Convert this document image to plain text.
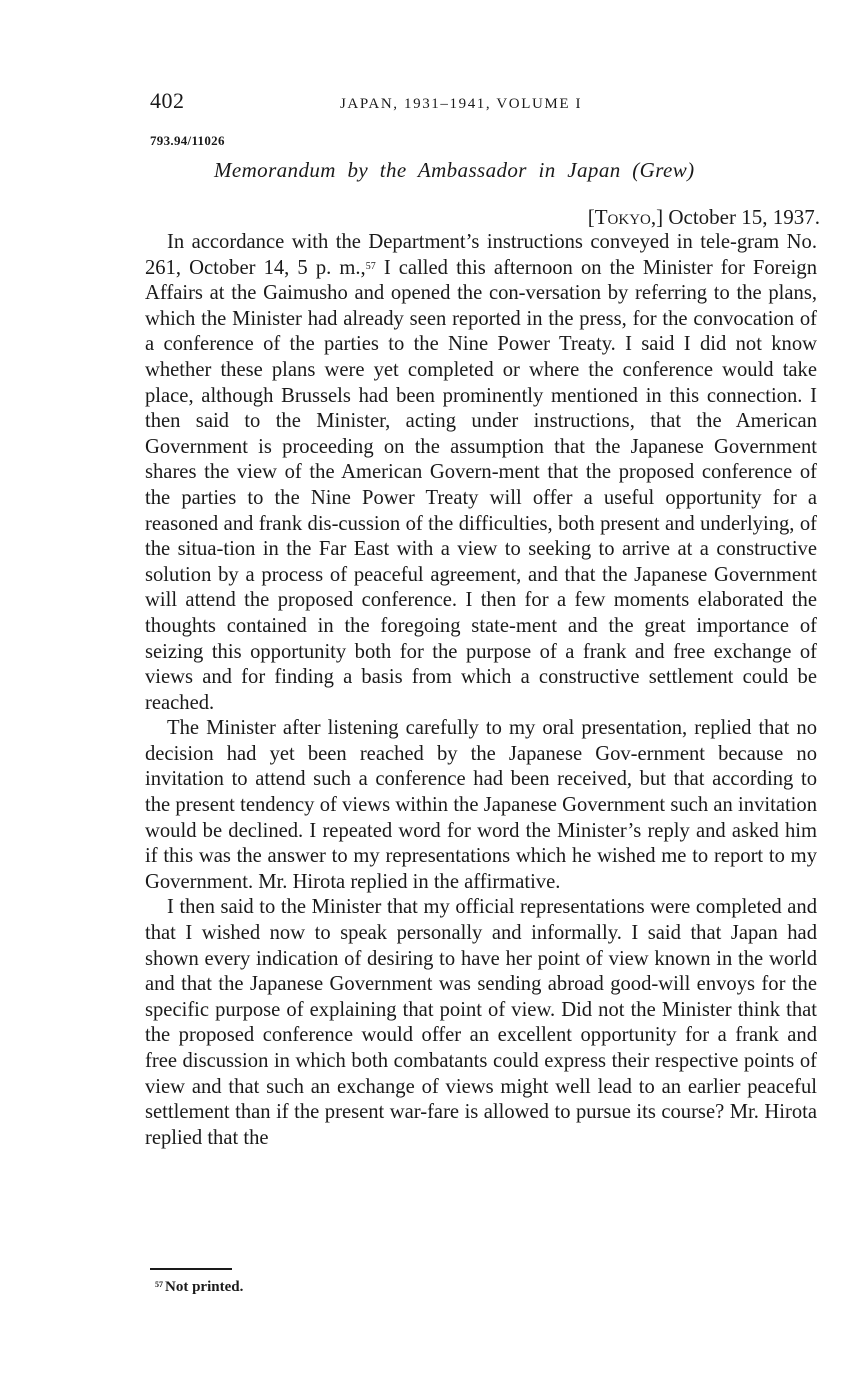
402	JAPAN, 1931–1941, VOLUME I
793.94/11026
Memorandum by the Ambassador in Japan (Grew)
[Tokyo,] October 15, 1937.

In accordance with the Department’s instructions conveyed in tele-gram No. 261, October 14, 5 p. m.,$^{57}$ I called this afternoon on the Minister for Foreign Affairs at the Gaimusho and opened the con-versation by referring to the plans, which the Minister had already seen reported in the press, for the convocation of a conference of the parties to the Nine Power Treaty. I said I did not know whether these plans were yet completed or where the conference would take place, although Brussels had been prominently mentioned in this connection. I then said to the Minister, acting under instructions, that the American Government is proceeding on the assumption that the Japanese Government shares the view of the American Govern-ment that the proposed conference of the parties to the Nine Power Treaty will offer a useful opportunity for a reasoned and frank dis-cussion of the difficulties, both present and underlying, of the situa-tion in the Far East with a view to seeking to arrive at a constructive solution by a process of peaceful agreement, and that the Japanese Government will attend the proposed conference. I then for a few moments elaborated the thoughts contained in the foregoing state-ment and the great importance of seizing this opportunity both for the purpose of a frank and free exchange of views and for finding a basis from which a constructive settlement could be reached.

The Minister after listening carefully to my oral presentation, replied that no decision had yet been reached by the Japanese Gov-ernment because no invitation to attend such a conference had been received, but that according to the present tendency of views within the Japanese Government such an invitation would be declined. I repeated word for word the Minister’s reply and asked him if this was the answer to my representations which he wished me to report to my Government. Mr. Hirota replied in the affirmative.

I then said to the Minister that my official representations were completed and that I wished now to speak personally and informally. I said that Japan had shown every indication of desiring to have her point of view known in the world and that the Japanese Government was sending abroad good-will envoys for the specific purpose of explaining that point of view. Did not the Minister think that the proposed conference would offer an excellent opportunity for a frank and free discussion in which both combatants could express their respective points of view and that such an exchange of views might well lead to an earlier peaceful settlement than if the present war-fare is allowed to pursue its course? Mr. Hirota replied that the

$^{57}$ Not printed.
